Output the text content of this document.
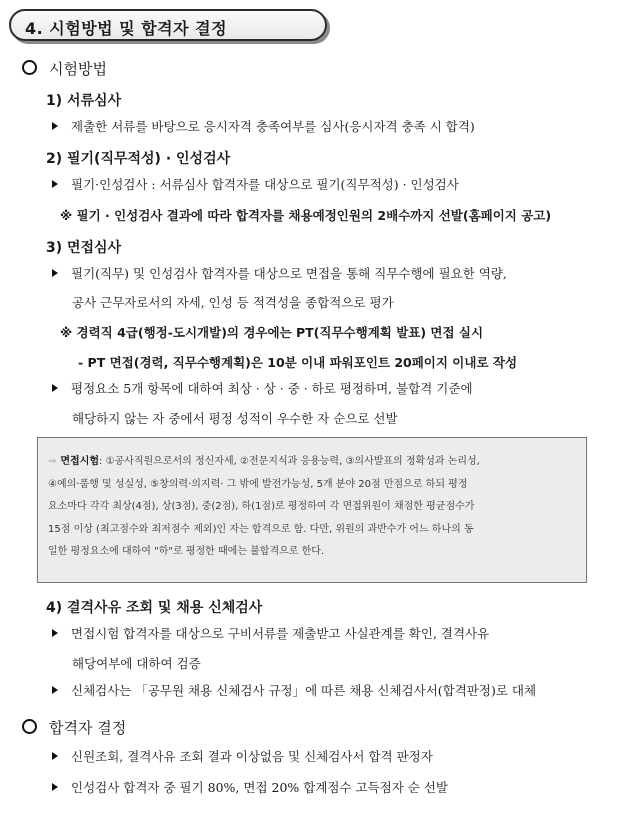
4. 시험방법 및 합격자 결정
시험방법
1) 서류심사
제출한 서류를 바탕으로 응시자격 충족여부를 심사(응시자격 충족 시 합격)
2) 필기(직무적성) · 인성검사
필기·인성검사 : 서류심사 합격자를 대상으로 필기(직무적성) · 인성검사
※ 필기 · 인성검사 결과에 따라 합격자를 채용예정인원의 2배수까지 선발(홈페이지 공고)
3) 면접심사
필기(직무) 및 인성검사 합격자를 대상으로 면접을 통해 직무수행에 필요한 역량,
공사 근무자로서의 자세, 인성 등 적격성을 종합적으로 평가
※ 경력직 4급(행정-도시개발)의 경우에는 PT(직무수행계획 발표) 면접 실시
- PT 면접(경력, 직무수행계획)은 10분 이내 파워포인트 20페이지 이내로 작성
평정요소 5개 항목에 대하여 최상 · 상 · 중 · 하로 평정하며, 불합격 기준에
해당하지 않는 자 중에서 평정 성적이 우수한 자 순으로 선발
⇒ 면접시험: ①공사직원으로서의 정신자세, ②전문지식과 응용능력, ③의사발표의 정확성과 논리성,
④예의·품행 및 성실성, ⑤창의력·의지력· 그 밖에 발전가능성, 5개 분야 20점 만점으로 하되 평정
요소마다 각각 최상(4점), 상(3점), 중(2점), 하(1점)로 평정하여 각 면접위원이 채점한 평균점수가
15점 이상 (최고점수와 최저점수 제외)인 자는 합격으로 함. 다만, 위원의 과반수가 어느 하나의 동
일한 평정요소에 대하여 "하"로 평정한 때에는 불합격으로 한다.
4) 결격사유 조회 및 채용 신체검사
면접시험 합격자를 대상으로 구비서류를 제출받고 사실관계를 확인, 결격사유
해당여부에 대하여 검증
신체검사는 「공무원 채용 신체검사 규정」에 따른 채용 신체검사서(합격판정)로 대체
합격자 결정
신원조회, 결격사유 조회 결과 이상없음 및 신체검사서 합격 판정자
인성검사 합격자 중 필기 80%, 면접 20% 합계점수 고득점자 순 선발
